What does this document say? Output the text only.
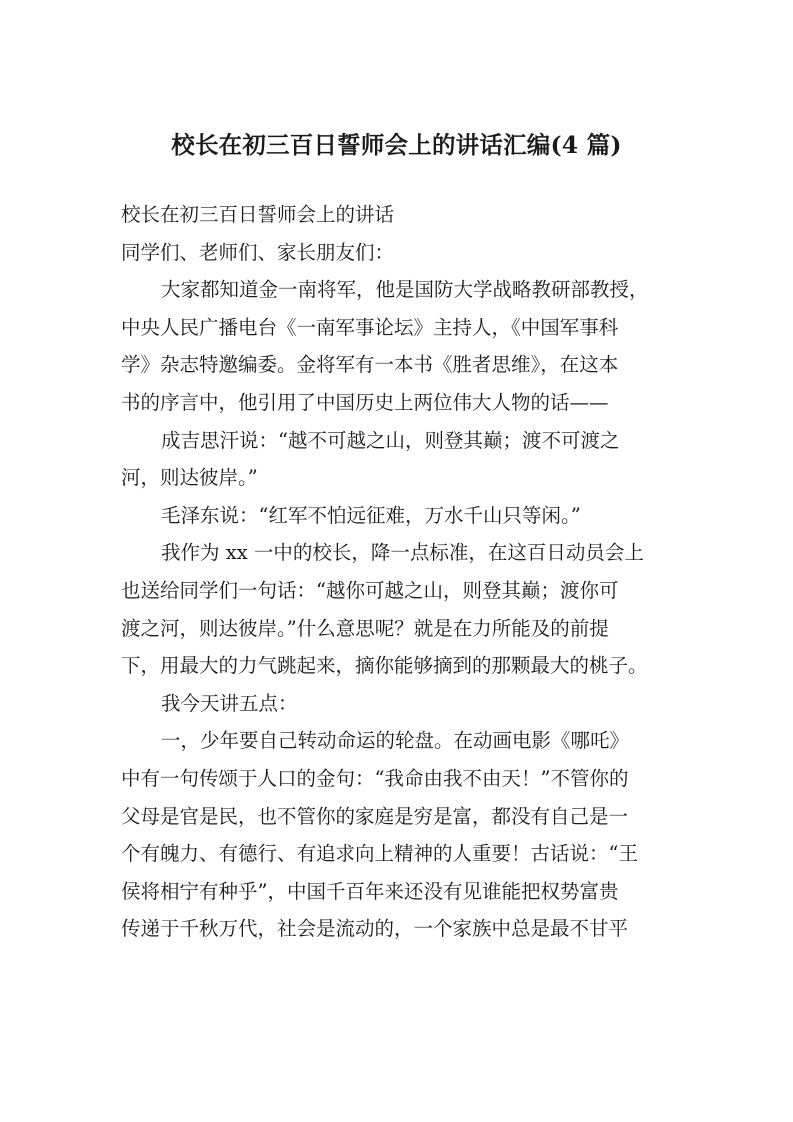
校长在初三百日誓师会上的讲话汇编(4 篇)
校长在初三百日誓师会上的讲话
同学们、老师们、家长朋友们：
大家都知道金一南将军，他是国防大学战略教研部教授，
中央人民广播电台《一南军事论坛》主持人，《中国军事科
学》杂志特邀编委。金将军有一本书《胜者思维》，在这本
书的序言中，他引用了中国历史上两位伟大人物的话——
成吉思汗说：“越不可越之山，则登其巅；渡不可渡之
河，则达彼岸。”
毛泽东说：“红军不怕远征难，万水千山只等闲。”
我作为 xx 一中的校长，降一点标准，在这百日动员会上
也送给同学们一句话：“越你可越之山，则登其巅；渡你可
渡之河，则达彼岸。”什么意思呢？就是在力所能及的前提
下，用最大的力气跳起来，摘你能够摘到的那颗最大的桃子。
我今天讲五点：
一，少年要自己转动命运的轮盘。在动画电影《哪吒》
中有一句传颂于人口的金句：“我命由我不由天！”不管你的
父母是官是民，也不管你的家庭是穷是富，都没有自己是一
个有魄力、有德行、有追求向上精神的人重要！古话说：“王
侯将相宁有种乎”，中国千百年来还没有见谁能把权势富贵
传递于千秋万代，社会是流动的，一个家族中总是最不甘平
